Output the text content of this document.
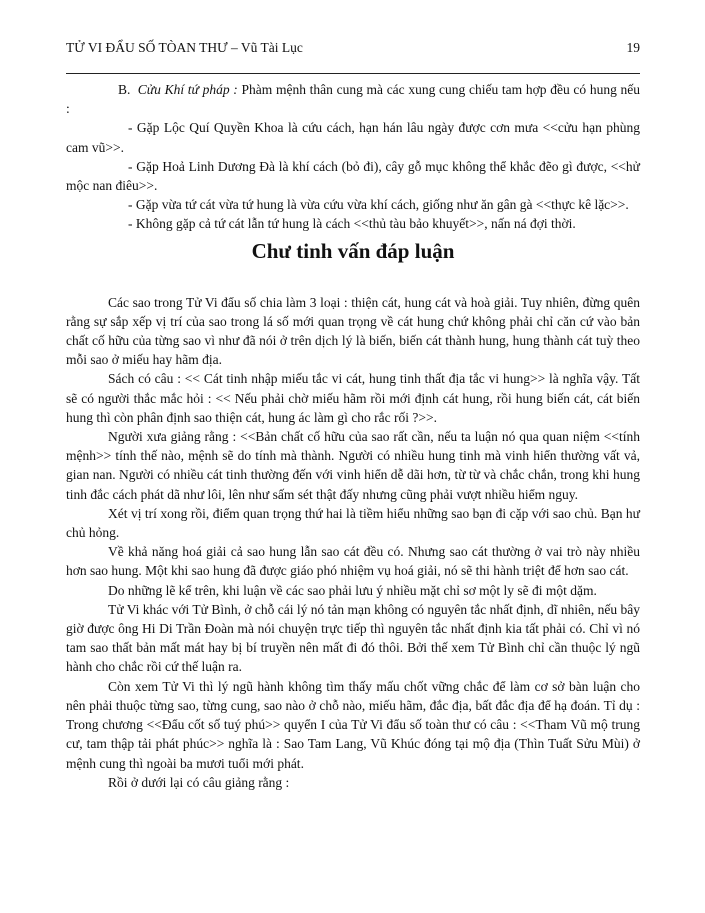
TỬ VI ĐẨU SỐ TÒAN THƯ – Vũ Tài Lục	19

B. Cửu Khí tứ pháp : Phàm mệnh thân cung mà các xung cung chiếu tam hợp đều có hung nếu :

- Gặp Lộc Quí Quyền Khoa là cứu cách, hạn hán lâu ngày được cơn mưa <<cửu hạn phùng cam vũ>>.

- Gặp Hoả Linh Dương Đà là khí cách (bỏ đi), cây gỗ mục không thể khắc đẽo gì được, <<hử mộc nan điêu>>.

- Gặp vừa tứ cát vừa tứ hung là vừa cứu vừa khí cách, giống như ăn gân gà <<thực kê lặc>>.

- Không gặp cả tứ cát lẫn tứ hung là cách <<thủ tàu bảo khuyết>>, nấn ná đợi thời.

Chư tinh vấn đáp luận

Các sao trong Tử Vi đẩu số chia làm 3 loại : thiện cát, hung cát và hoà giải. Tuy nhiên, đừng quên rằng sự sắp xếp vị trí của sao trong lá số mới quan trọng về cát hung chứ không phải chỉ căn cứ vào bản chất cố hữu của từng sao vì như đã nói ở trên dịch lý là biến, biến cát thành hung, hung thành cát tuỳ theo mỗi sao ở miếu hay hãm địa.

Sách có câu : << Cát tinh nhập miếu tắc vi cát, hung tinh thất địa tắc vi hung>> là nghĩa vậy. Tất sẽ có người thắc mắc hỏi : << Nếu phải chờ miếu hãm rồi mới định cát hung, rồi hung biến cát, cát biến hung thì còn phân định sao thiện cát, hung ác làm gì cho rắc rối ?>>.

Người xưa giảng rằng : <<Bản chất cố hữu của sao rất cần, nếu ta luận nó qua quan niệm <<tính mệnh>> tính thế nào, mệnh sẽ do tính mà thành. Người có nhiều hung tinh mà vinh hiển thường vất vả, gian nan. Người có nhiều cát tinh thường đến với vinh hiển dễ dãi hơn, từ từ và chắc chắn, trong khi hung tinh đắc cách phát dã như lôi, lên như sấm sét thật đấy nhưng cũng phải vượt nhiều hiểm nguy.

Xét vị trí xong rồi, điểm quan trọng thứ hai là tiềm hiểu những sao bạn đi cặp với sao chủ. Bạn hư chủ hỏng.

Về khả năng hoá giải cả sao hung lẫn sao cát đều có. Nhưng sao cát thường ở vai trò này nhiều hơn sao hung. Một khi sao hung đã được giáo phó nhiệm vụ hoá giải, nó sẽ thi hành triệt để hơn sao cát.

Do những lẽ kể trên, khi luận về các sao phải lưu ý nhiều mặt chỉ sơ một ly sẽ đi một dặm.

Tử Vi khác với Tử Bình, ở chỗ cái lý nó tản mạn không có nguyên tắc nhất định, dĩ nhiên, nếu bây giờ được ông Hi Di Trần Đoàn mà nói chuyện trực tiếp thì nguyên tắc nhất định kia tất phải có. Chỉ vì nó tam sao thất bản mất mát hay bị bí truyền nên mất đi đó thôi. Bởi thế xem Tử Bình chỉ cần thuộc lý ngũ hành cho chắc rồi cứ thế luận ra.

Còn xem Tử Vi thì lý ngũ hành không tìm thấy mấu chốt vững chắc để làm cơ sở bàn luận cho nên phải thuộc từng sao, từng cung, sao nào ở chỗ nào, miếu hãm, đắc địa, bất đắc địa để hạ đoán. Tỉ dụ : Trong chương <<Đẩu cốt số tuý phú>> quyển I của Tử Vi đẩu số toàn thư có câu : <<Tham Vũ mộ trung cư, tam thập tải phát phúc>> nghĩa là : Sao Tam Lang, Vũ Khúc đóng tại mộ địa (Thìn Tuất Sửu Mùi) ở mệnh cung thì ngoài ba mươi tuổi mới phát.

Rồi ở dưới lại có câu giảng rằng :
